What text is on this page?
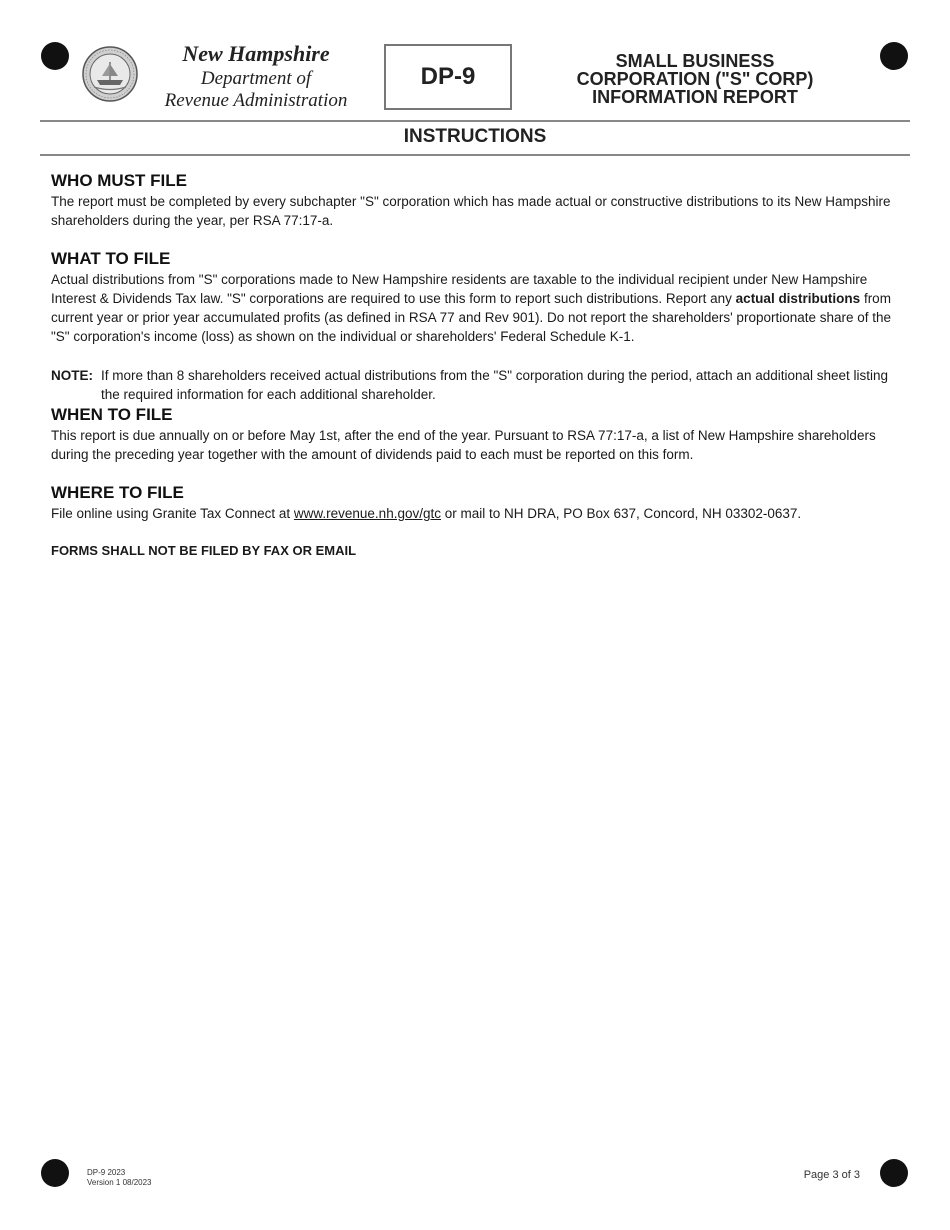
New Hampshire
Department of
Revenue Administration
DP-9
SMALL BUSINESS
CORPORATION ("S" CORP)
INFORMATION REPORT
INSTRUCTIONS
WHO MUST FILE

The report must be completed by every subchapter "S" corporation which has made actual or constructive distributions to its New Hampshire shareholders during the year, per RSA 77:17-a.

WHAT TO FILE

Actual distributions from "S" corporations made to New Hampshire residents are taxable to the individual recipient under New Hampshire Interest & Dividends Tax law. "S" corporations are required to use this form to report such distributions. Report any actual distributions from current year or prior year accumulated profits (as defined in RSA 77 and Rev 901). Do not report the shareholders' proportionate share of the "S" corporation's income (loss) as shown on the individual or shareholders' Federal Schedule K-1.

NOTE: If more than 8 shareholders received actual distributions from the "S" corporation during the period, attach an additional sheet listing the required information for each additional shareholder.

WHEN TO FILE

This report is due annually on or before May 1st, after the end of the year. Pursuant to RSA 77:17-a, a list of New Hampshire shareholders during the preceding year together with the amount of dividends paid to each must be reported on this form.

WHERE TO FILE

File online using Granite Tax Connect at www.revenue.nh.gov/gtc or mail to NH DRA, PO Box 637, Concord, NH 03302-0637.

FORMS SHALL NOT BE FILED BY FAX OR EMAIL
DP-9 2023
Version 1 08/2023
Page 3 of 3
